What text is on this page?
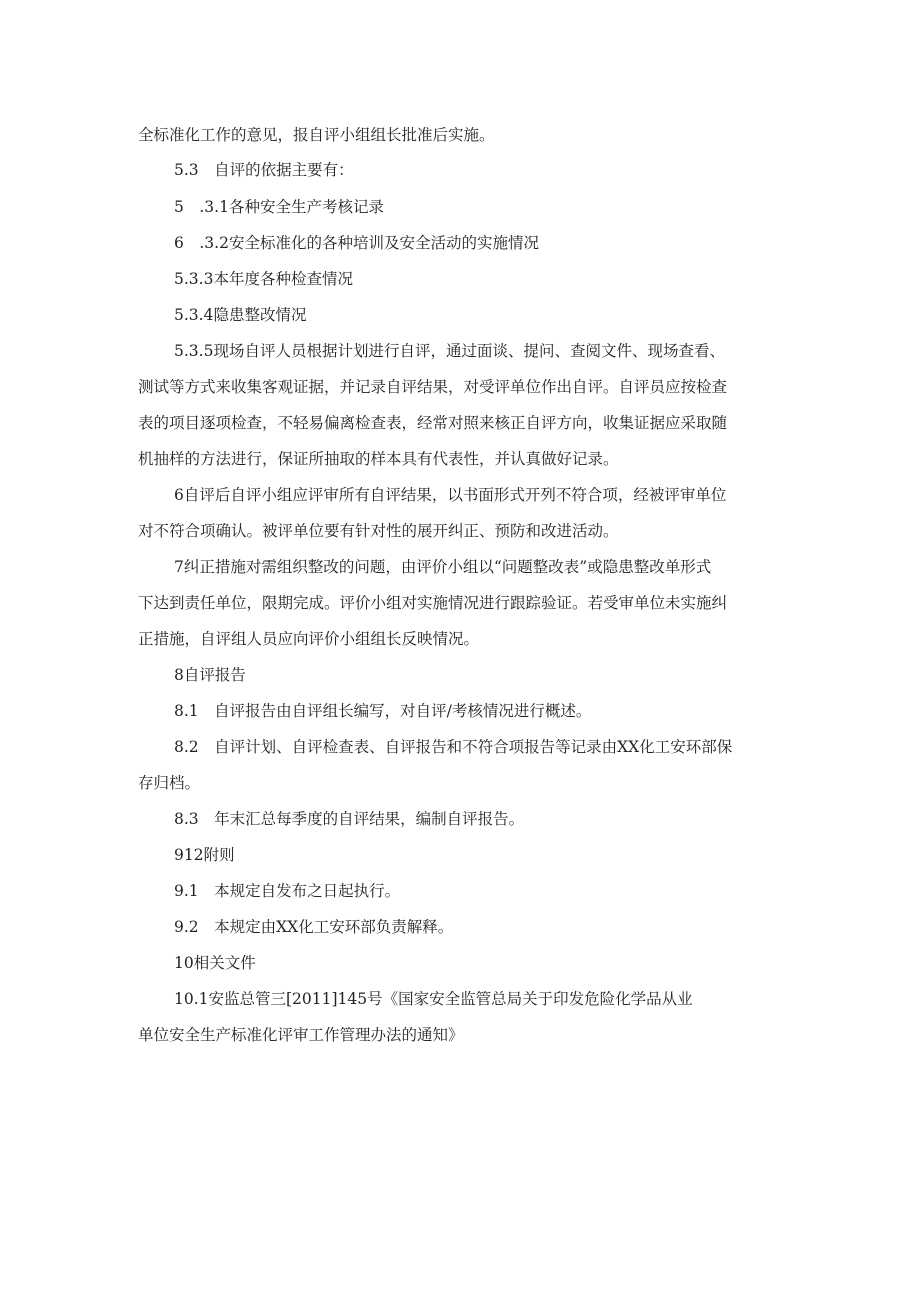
全标准化工作的意见，报自评小组组长批准后实施。
5.3　自评的依据主要有：
5　.3.1各种安全生产考核记录
6　.3.2安全标准化的各种培训及安全活动的实施情况
5.3.3本年度各种检查情况
5.3.4隐患整改情况
5.3.5现场自评人员根据计划进行自评，通过面谈、提问、查阅文件、现场查看、
测试等方式来收集客观证据，并记录自评结果，对受评单位作出自评。自评员应按检查
表的项目逐项检查，不轻易偏离检查表，经常对照来核正自评方向，收集证据应采取随
机抽样的方法进行，保证所抽取的样本具有代表性，并认真做好记录。
6自评后自评小组应评审所有自评结果，以书面形式开列不符合项，经被评审单位
对不符合项确认。被评单位要有针对性的展开纠正、预防和改进活动。
7纠正措施对需组织整改的问题，由评价小组以“问题整改表”或隐患整改单形式
下达到责任单位，限期完成。评价小组对实施情况进行跟踪验证。若受审单位未实施纠
正措施，自评组人员应向评价小组组长反映情况。
8自评报告
8.1　自评报告由自评组长编写，对自评/考核情况进行概述。
8.2　自评计划、自评检查表、自评报告和不符合项报告等记录由XX化工安环部保
存归档。
8.3　年末汇总每季度的自评结果，编制自评报告。
912附则
9.1　本规定自发布之日起执行。
9.2　本规定由XX化工安环部负责解释。
10相关文件
10.1安监总管三[2011]145号《国家安全监管总局关于印发危险化学品从业
单位安全生产标准化评审工作管理办法的通知》
